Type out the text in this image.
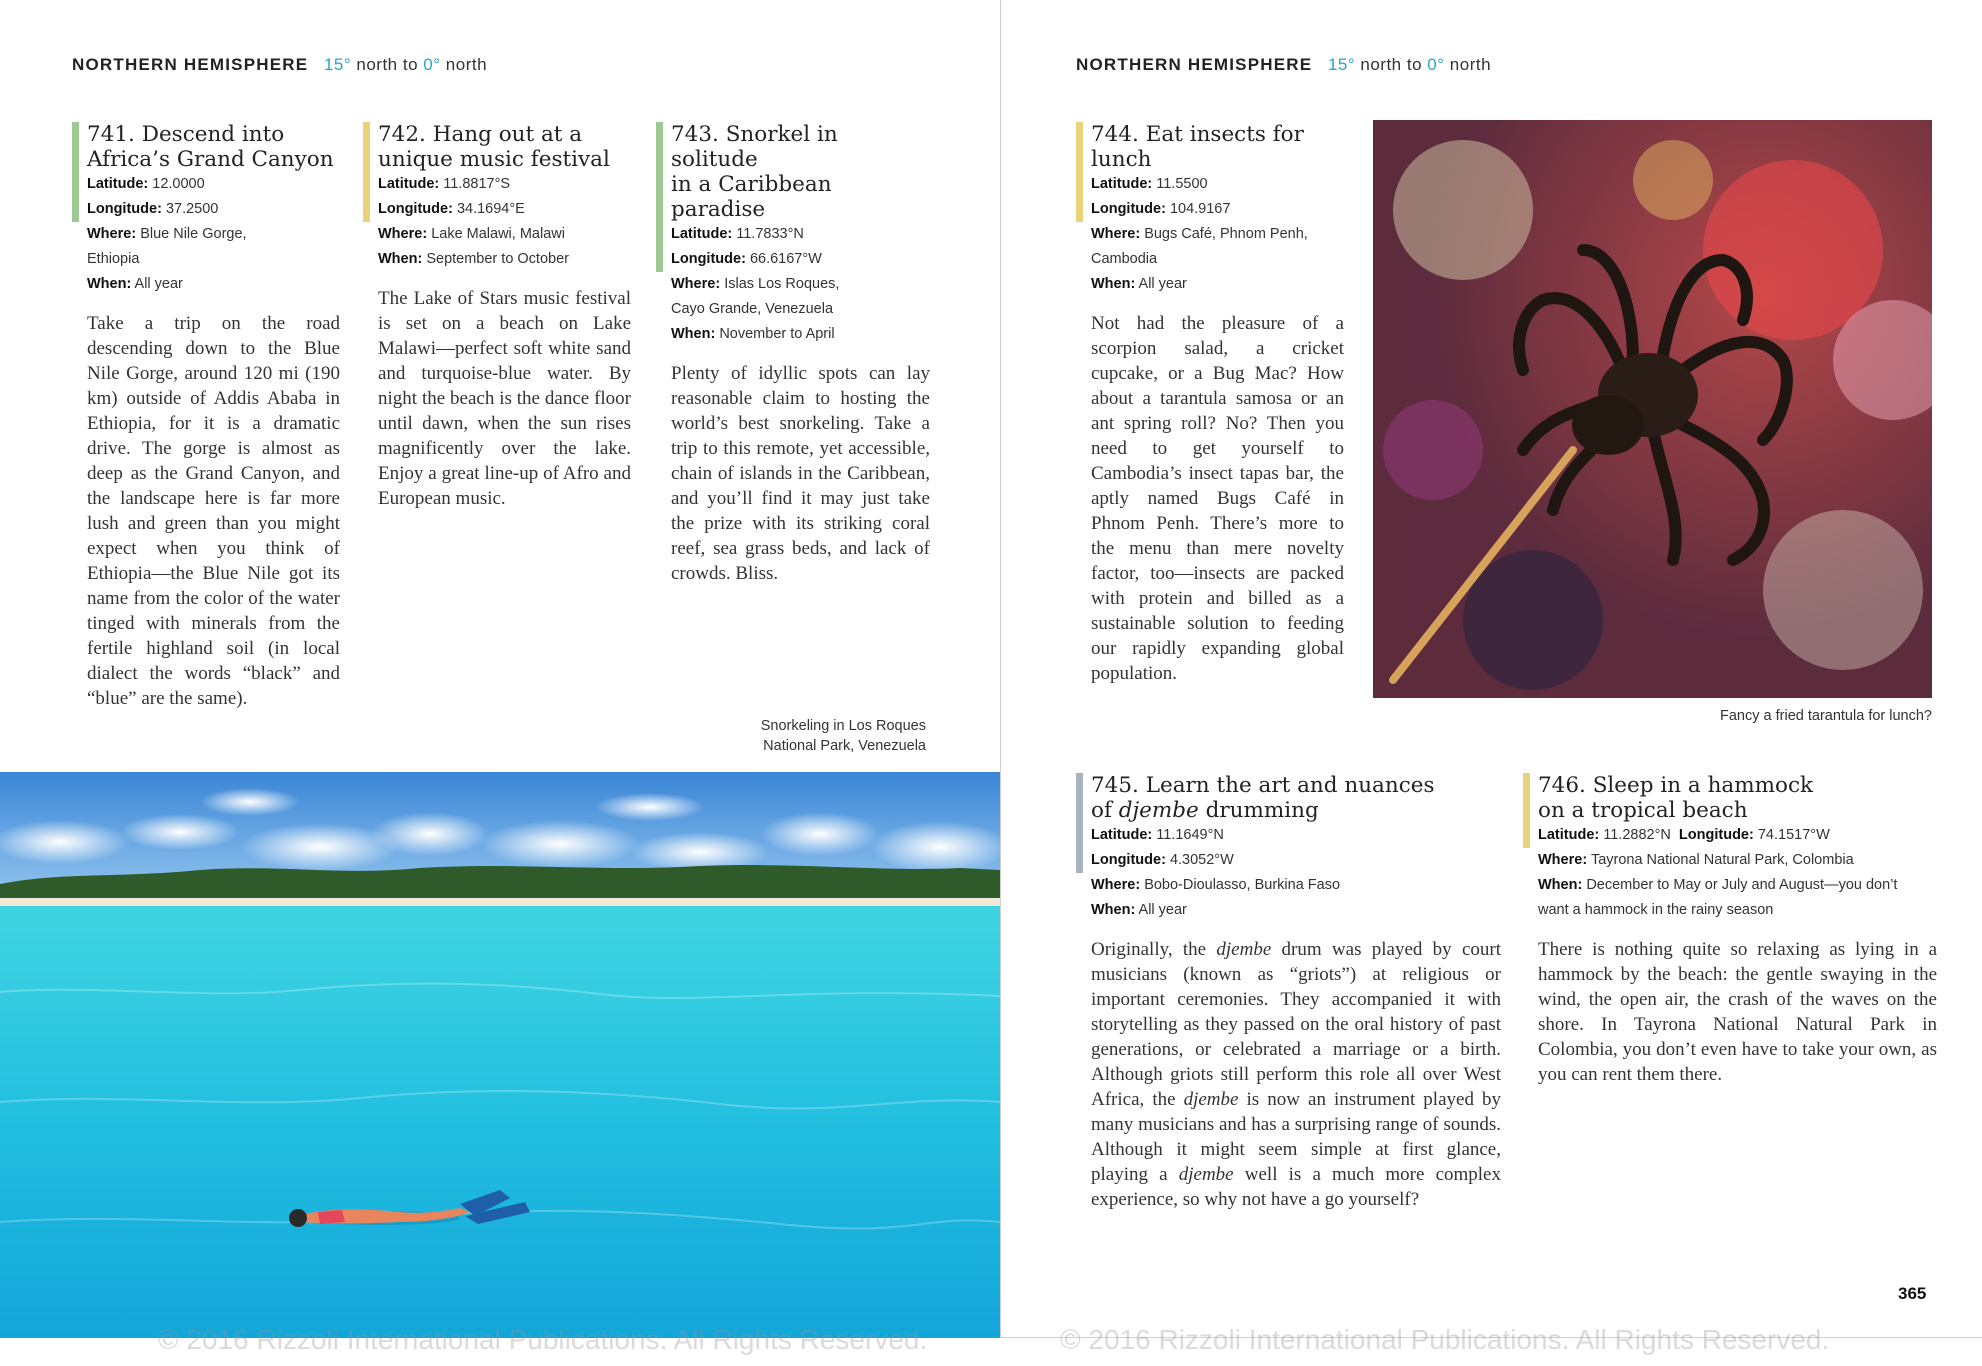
NORTHERN HEMISPHERE 15° north to 0° north
741. Descend into
Africa’s Grand Canyon
Latitude: 12.0000
Longitude: 37.2500
Where: Blue Nile Gorge,
Ethiopia
When: All year

Take a trip on the road descending down to the Blue Nile Gorge, around 120 mi (190 km) outside of Addis Ababa in Ethiopia, for it is a dramatic drive. The gorge is almost as deep as the Grand Canyon, and the landscape here is far more lush and green than you might expect when you think of Ethiopia—the Blue Nile got its name from the color of the water tinged with minerals from the fertile highland soil (in local dialect the words “black” and “blue” are the same).

742. Hang out at a
unique music festival
Latitude: 11.8817°S
Longitude: 34.1694°E
Where: Lake Malawi, Malawi
When: September to October

The Lake of Stars music festival is set on a beach on Lake Malawi—perfect soft white sand and turquoise-blue water. By night the beach is the dance floor until dawn, when the sun rises magnificently over the lake. Enjoy a great line-up of Afro and European music.

743. Snorkel in solitude
in a Caribbean paradise
Latitude: 11.7833°N
Longitude: 66.6167°W
Where: Islas Los Roques,
Cayo Grande, Venezuela
When: November to April

Plenty of idyllic spots can lay reasonable claim to hosting the world’s best snorkeling. Take a trip to this remote, yet accessible, chain of islands in the Caribbean, and you’ll find it may just take the prize with its striking coral reef, sea grass beds, and lack of crowds. Bliss.

Snorkeling in Los Roques
National Park, Venezuela
NORTHERN HEMISPHERE 15° north to 0° north
744. Eat insects for lunch
Latitude: 11.5500
Longitude: 104.9167
Where: Bugs Café, Phnom Penh,
Cambodia
When: All year

Not had the pleasure of a scorpion salad, a cricket cupcake, or a Bug Mac? How about a tarantula samosa or an ant spring roll? No? Then you need to get yourself to Cambodia’s insect tapas bar, the aptly named Bugs Café in Phnom Penh. There’s more to the menu than mere novelty factor, too—insects are packed with protein and billed as a sustainable solution to feeding our rapidly expanding global population.

Fancy a fried tarantula for lunch?
745. Learn the art and nuances
of djembe drumming
Latitude: 11.1649°N
Longitude: 4.3052°W
Where: Bobo-Dioulasso, Burkina Faso
When: All year

Originally, the djembe drum was played by court musicians (known as “griots”) at religious or important ceremonies. They accompanied it with storytelling as they passed on the oral history of past generations, or celebrated a marriage or a birth. Although griots still perform this role all over West Africa, the djembe is now an instrument played by many musicians and has a surprising range of sounds. Although it might seem simple at first glance, playing a djembe well is a much more complex experience, so why not have a go yourself?

746. Sleep in a hammock
on a tropical beach
Latitude: 11.2882°N Longitude: 74.1517°W
Where: Tayrona National Natural Park, Colombia
When: December to May or July and August—you don’t
want a hammock in the rainy season

There is nothing quite so relaxing as lying in a hammock by the beach: the gentle swaying in the wind, the open air, the crash of the waves on the shore. In Tayrona National Natural Park in Colombia, you don’t even have to take your own, as you can rent them there.

365
© 2016 Rizzoli International Publications. All Rights Reserved.	© 2016 Rizzoli International Publications. All Rights Reserved.
